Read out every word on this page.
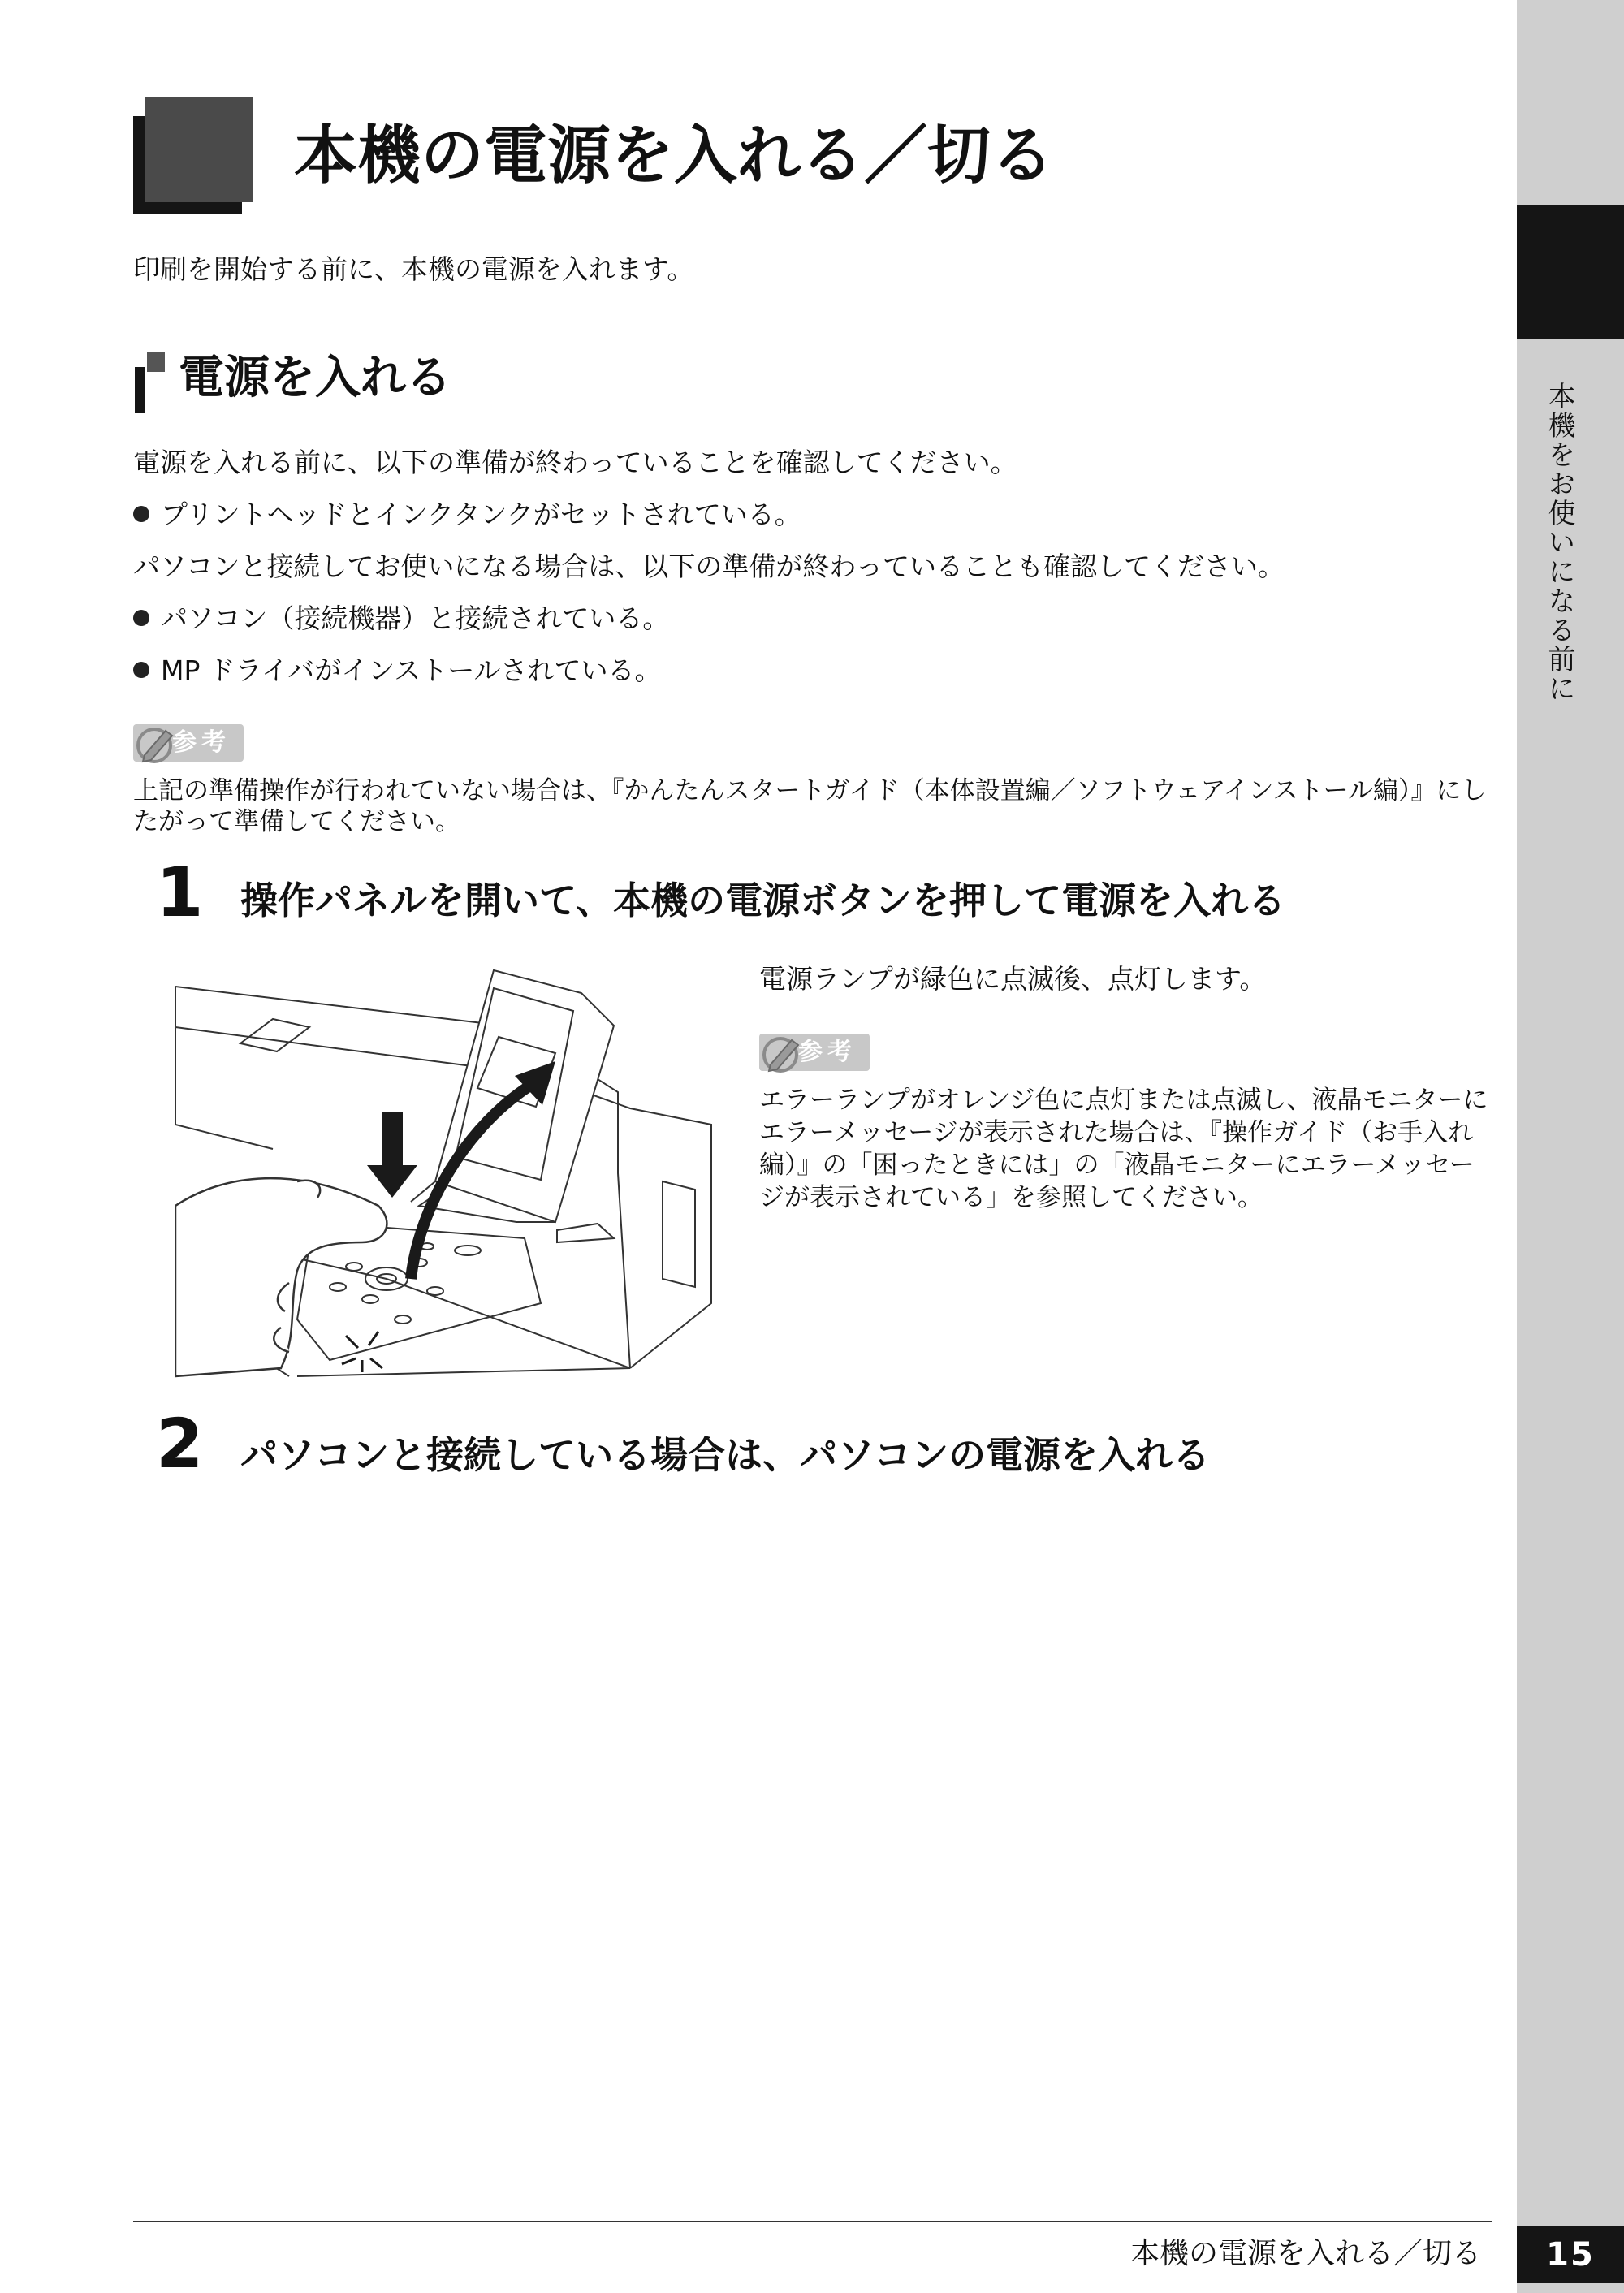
本機をお使いになる前に
本機の電源を入れる／切る

印刷を開始する前に、本機の電源を入れます。

電源を入れる

電源を入れる前に、以下の準備が終わっていることを確認してください。

プリントヘッドとインクタンクがセットされている。

パソコンと接続してお使いになる場合は、以下の準備が終わっていることも確認してください。

パソコン（接続機器）と接続されている。

MP ドライバがインストールされている。

参考

上記の準備操作が行われていない場合は、『かんたんスタートガイド（本体設置編／ソフトウェアインストール編）』にし

たがって準備してください。

1 操作パネルを開いて、本機の電源ボタンを押して電源を入れる

電源ランプが緑色に点滅後、点灯します。

参考

エラーランプがオレンジ色に点灯または点滅し、液晶モニターに

エラーメッセージが表示された場合は、『操作ガイド（お手入れ

編）』の「困ったときには」の「液晶モニターにエラーメッセー

ジが表示されている」を参照してください。

2 パソコンと接続している場合は、パソコンの電源を入れる

本機の電源を入れる／切る	15
